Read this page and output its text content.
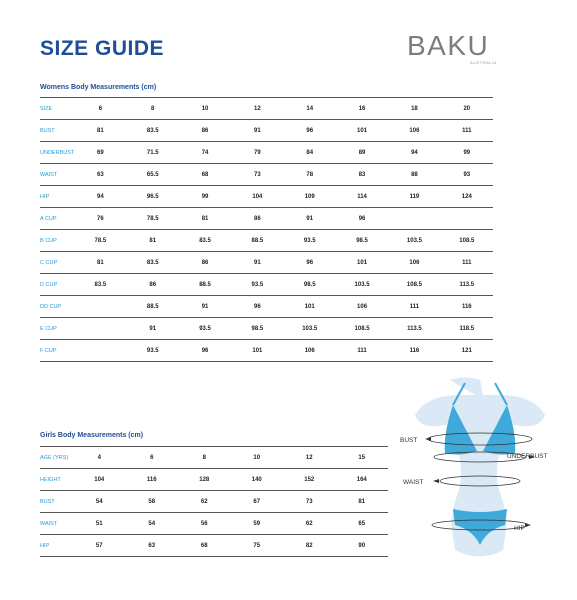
SIZE GUIDE	BAKU
AUSTRALIA
Womens Body Measurements (cm)
SIZE	6	8	10	12	14	16	18	20
BUST	81	83.5	86	91	96	101	106	111
UNDERBUST	69	71.5	74	79	84	89	94	99
WAIST	63	65.5	68	73	78	83	88	93
HIP	94	96.5	99	104	109	114	119	124
A CUP	76	78.5	81	86	91	96		
B CUP	78.5	81	83.5	88.5	93.5	98.5	103.5	108.5
C CUP	81	83.5	86	91	96	101	106	111
D CUP	83.5	86	88.5	93.5	98.5	103.5	108.5	113.5
DD CUP		88.5	91	96	101	106	111	116
E CUP		91	93.5	98.5	103.5	108.5	113.5	118.5
F CUP		93.5	96	101	106	111	116	121
Girls Body Measurements (cm)
AGE (YRS)	4	6	8	10	12	15
HEIGHT	104	116	128	140	152	164
BUST	54	58	62	67	73	81
WAIST	51	54	56	59	62	65
HIP	57	63	68	75	82	90
BUST
UNDERBUST
WAIST
HIP
